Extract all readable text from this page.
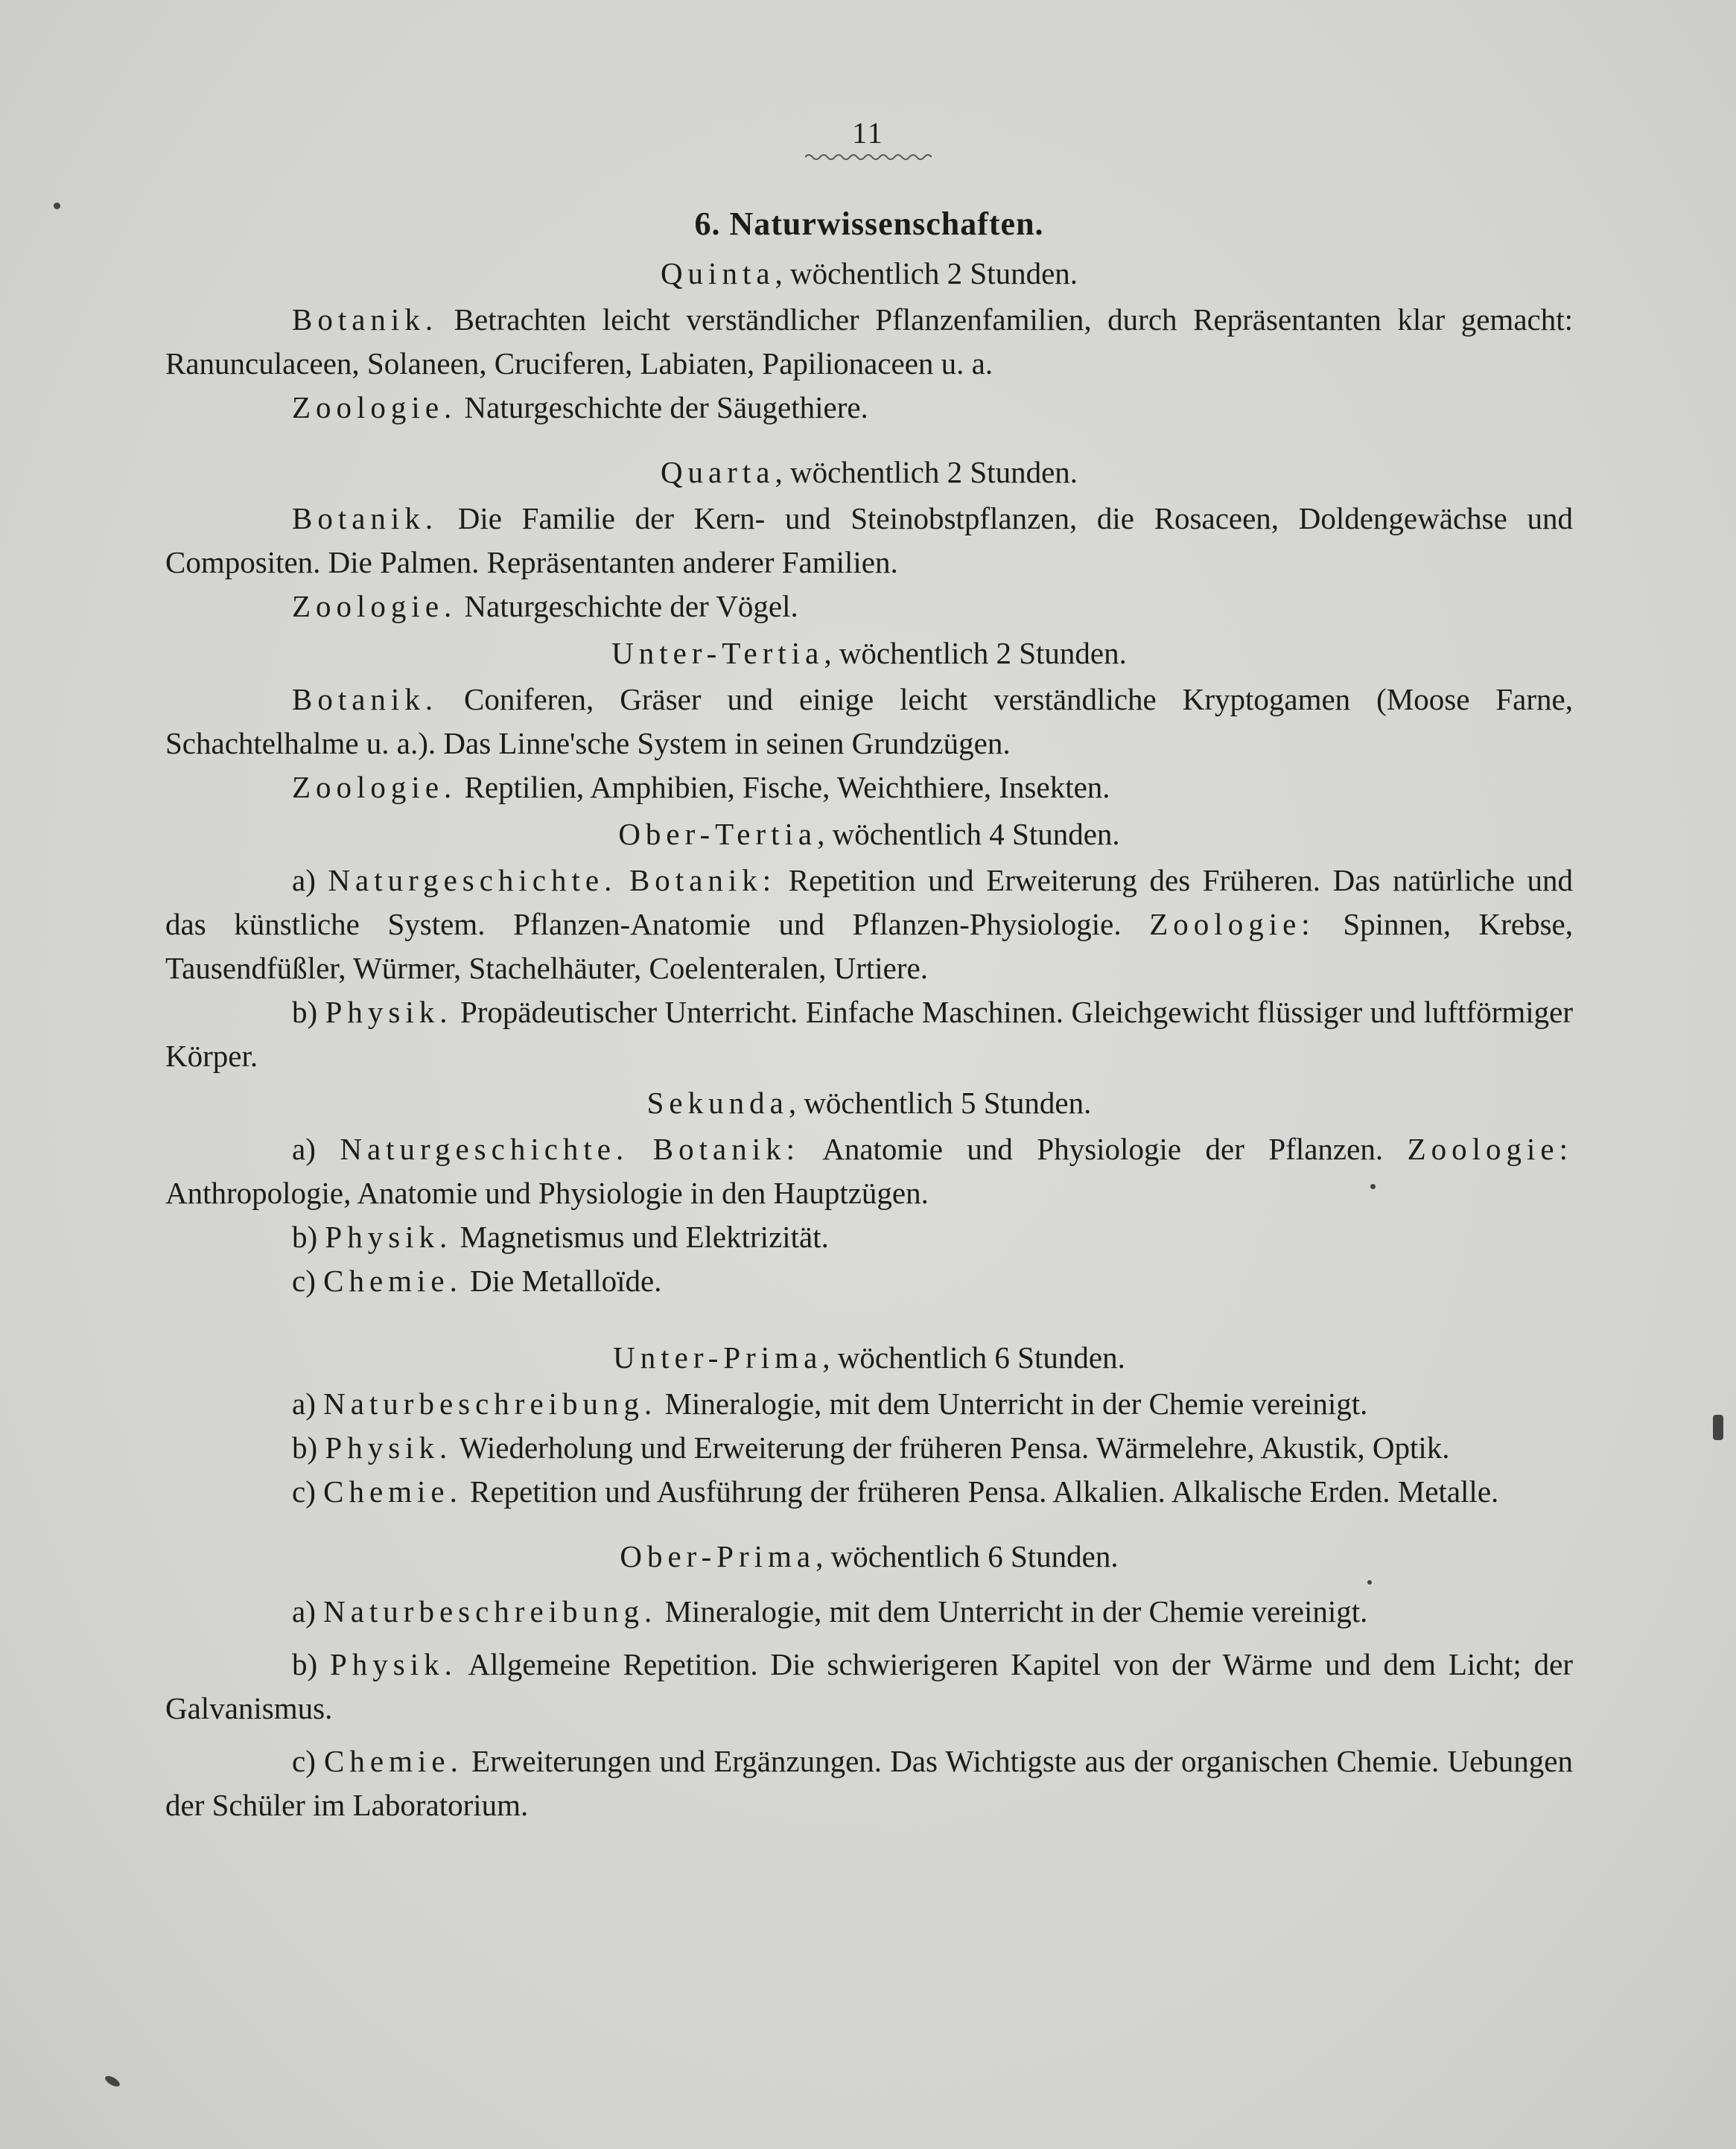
11
6. Naturwissenschaften.
Quinta, wöchentlich 2 Stunden.

Botanik. Betrachten leicht verständlicher Pflanzenfamilien, durch Repräsentanten klar gemacht: Ranunculaceen, Solaneen, Cruciferen, Labiaten, Papilionaceen u. a.

Zoologie. Naturgeschichte der Säugethiere.

Quarta, wöchentlich 2 Stunden.

Botanik. Die Familie der Kern- und Steinobstpflanzen, die Rosaceen, Doldengewächse und Compositen. Die Palmen. Repräsentanten anderer Familien.

Zoologie. Naturgeschichte der Vögel.

Unter-Tertia, wöchentlich 2 Stunden.

Botanik. Coniferen, Gräser und einige leicht verständliche Kryptogamen (Moose Farne, Schachtelhalme u. a.). Das Linne'sche System in seinen Grundzügen.

Zoologie. Reptilien, Amphibien, Fische, Weichthiere, Insekten.

Ober-Tertia, wöchentlich 4 Stunden.

a) Naturgeschichte. Botanik: Repetition und Erweiterung des Früheren. Das natürliche und das künstliche System. Pflanzen-Anatomie und Pflanzen-Physiologie. Zoologie: Spinnen, Krebse, Tausendfüßler, Würmer, Stachelhäuter, Coelenteralen, Urtiere.

b) Physik. Propädeutischer Unterricht. Einfache Maschinen. Gleichgewicht flüssiger und luftförmiger Körper.

Sekunda, wöchentlich 5 Stunden.

a) Naturgeschichte. Botanik: Anatomie und Physiologie der Pflanzen. Zoologie: Anthropologie, Anatomie und Physiologie in den Hauptzügen.

b) Physik. Magnetismus und Elektrizität.

c) Chemie. Die Metalloïde.

Unter-Prima, wöchentlich 6 Stunden.

a) Naturbeschreibung. Mineralogie, mit dem Unterricht in der Chemie vereinigt.

b) Physik. Wiederholung und Erweiterung der früheren Pensa. Wärmelehre, Akustik, Optik.

c) Chemie. Repetition und Ausführung der früheren Pensa. Alkalien. Alkalische Erden. Metalle.

Ober-Prima, wöchentlich 6 Stunden.

a) Naturbeschreibung. Mineralogie, mit dem Unterricht in der Chemie vereinigt.

b) Physik. Allgemeine Repetition. Die schwierigeren Kapitel von der Wärme und dem Licht; der Galvanismus.

c) Chemie. Erweiterungen und Ergänzungen. Das Wichtigste aus der organischen Chemie. Uebungen der Schüler im Laboratorium.
